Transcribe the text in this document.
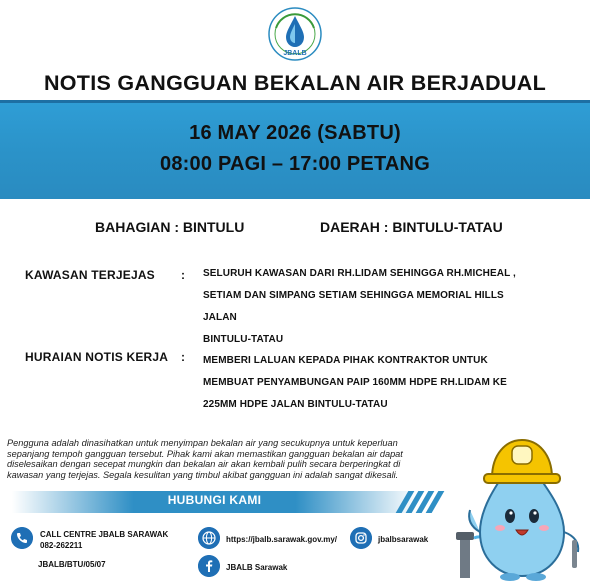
JBALB
NOTIS GANGGUAN BEKALAN AIR BERJADUAL
16 MAY 2026 (SABTU)
08:00 PAGI – 17:00 PETANG
BAHAGIAN : BINTULU	DAERAH : BINTULU-TATAU
KAWASAN TERJEJAS : SELURUH KAWASAN DARI RH.LIDAM SEHINGGA RH.MICHEAL ,
SETIAM DAN SIMPANG SETIAM SEHINGGA MEMORIAL HILLS JALAN
BINTULU-TATAU
HURAIAN NOTIS KERJA : MEMBERI LALUAN KEPADA PIHAK KONTRAKTOR UNTUK
MEMBUAT PENYAMBUNGAN PAIP 160MM HDPE RH.LIDAM KE
225MM HDPE JALAN BINTULU-TATAU
Pengguna adalah dinasihatkan untuk menyimpan bekalan air yang secukupnya untuk keperluan
sepanjang tempoh gangguan tersebut. Pihak kami akan memastikan gangguan bekalan air dapat
diselesaikan dengan secepat mungkin dan bekalan air akan kembali pulih secara berperingkat di
kawasan yang terjejas. Segala kesulitan yang timbul akibat gangguan ini adalah sangat dikesali.
HUBUNGI KAMI
CALL CENTRE JBALB SARAWAK
082-262211
JBALB/BTU/05/07
https://jbalb.sarawak.gov.my/
JBALB Sarawak
jbalbsarawak
